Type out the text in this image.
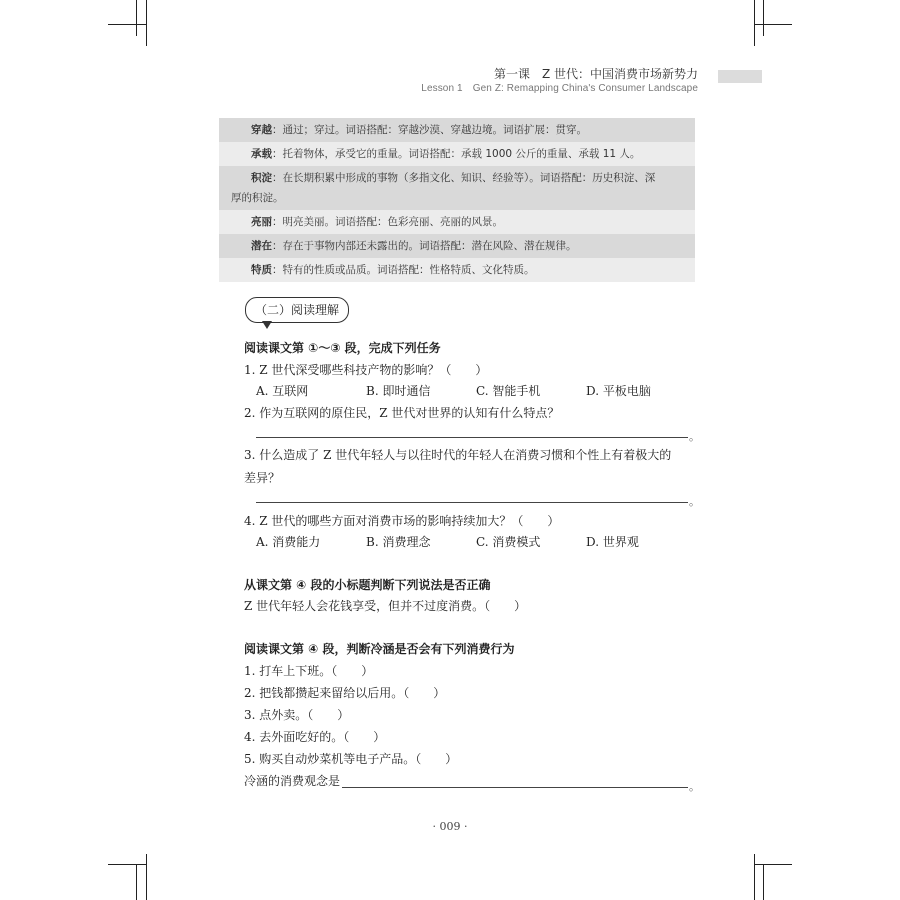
第一课　Z 世代：中国消费市场新势力
Lesson 1　Gen Z: Remapping China's Consumer Landscape
穿越：通过；穿过。词语搭配：穿越沙漠、穿越边境。词语扩展：贯穿。
承载：托着物体，承受它的重量。词语搭配：承载 1000 公斤的重量、承载 11 人。
积淀：在长期积累中形成的事物（多指文化、知识、经验等）。词语搭配：历史积淀、深
厚的积淀。
亮丽：明亮美丽。词语搭配：色彩亮丽、亮丽的风景。
潜在：存在于事物内部还未露出的。词语搭配：潜在风险、潜在规律。
特质：特有的性质或品质。词语搭配：性格特质、文化特质。
（二）阅读理解
阅读课文第 ①～③ 段，完成下列任务
1. Z 世代深受哪些科技产物的影响？（　　）
A. 互联网	B. 即时通信	C. 智能手机	D. 平板电脑
2. 作为互联网的原住民，Z 世代对世界的认知有什么特点？
。
3. 什么造成了 Z 世代年轻人与以往时代的年轻人在消费习惯和个性上有着极大的
差异？
。
4. Z 世代的哪些方面对消费市场的影响持续加大？（　　）
A. 消费能力	B. 消费理念	C. 消费模式	D. 世界观
从课文第 ④ 段的小标题判断下列说法是否正确
Z 世代年轻人会花钱享受，但并不过度消费。（　　）
阅读课文第 ④ 段，判断冷涵是否会有下列消费行为
1. 打车上下班。（　　）
2. 把钱都攒起来留给以后用。（　　）
3. 点外卖。（　　）
4. 去外面吃好的。（　　）
5. 购买自动炒菜机等电子产品。（　　）
冷涵的消费观念是	。
· 009 ·
